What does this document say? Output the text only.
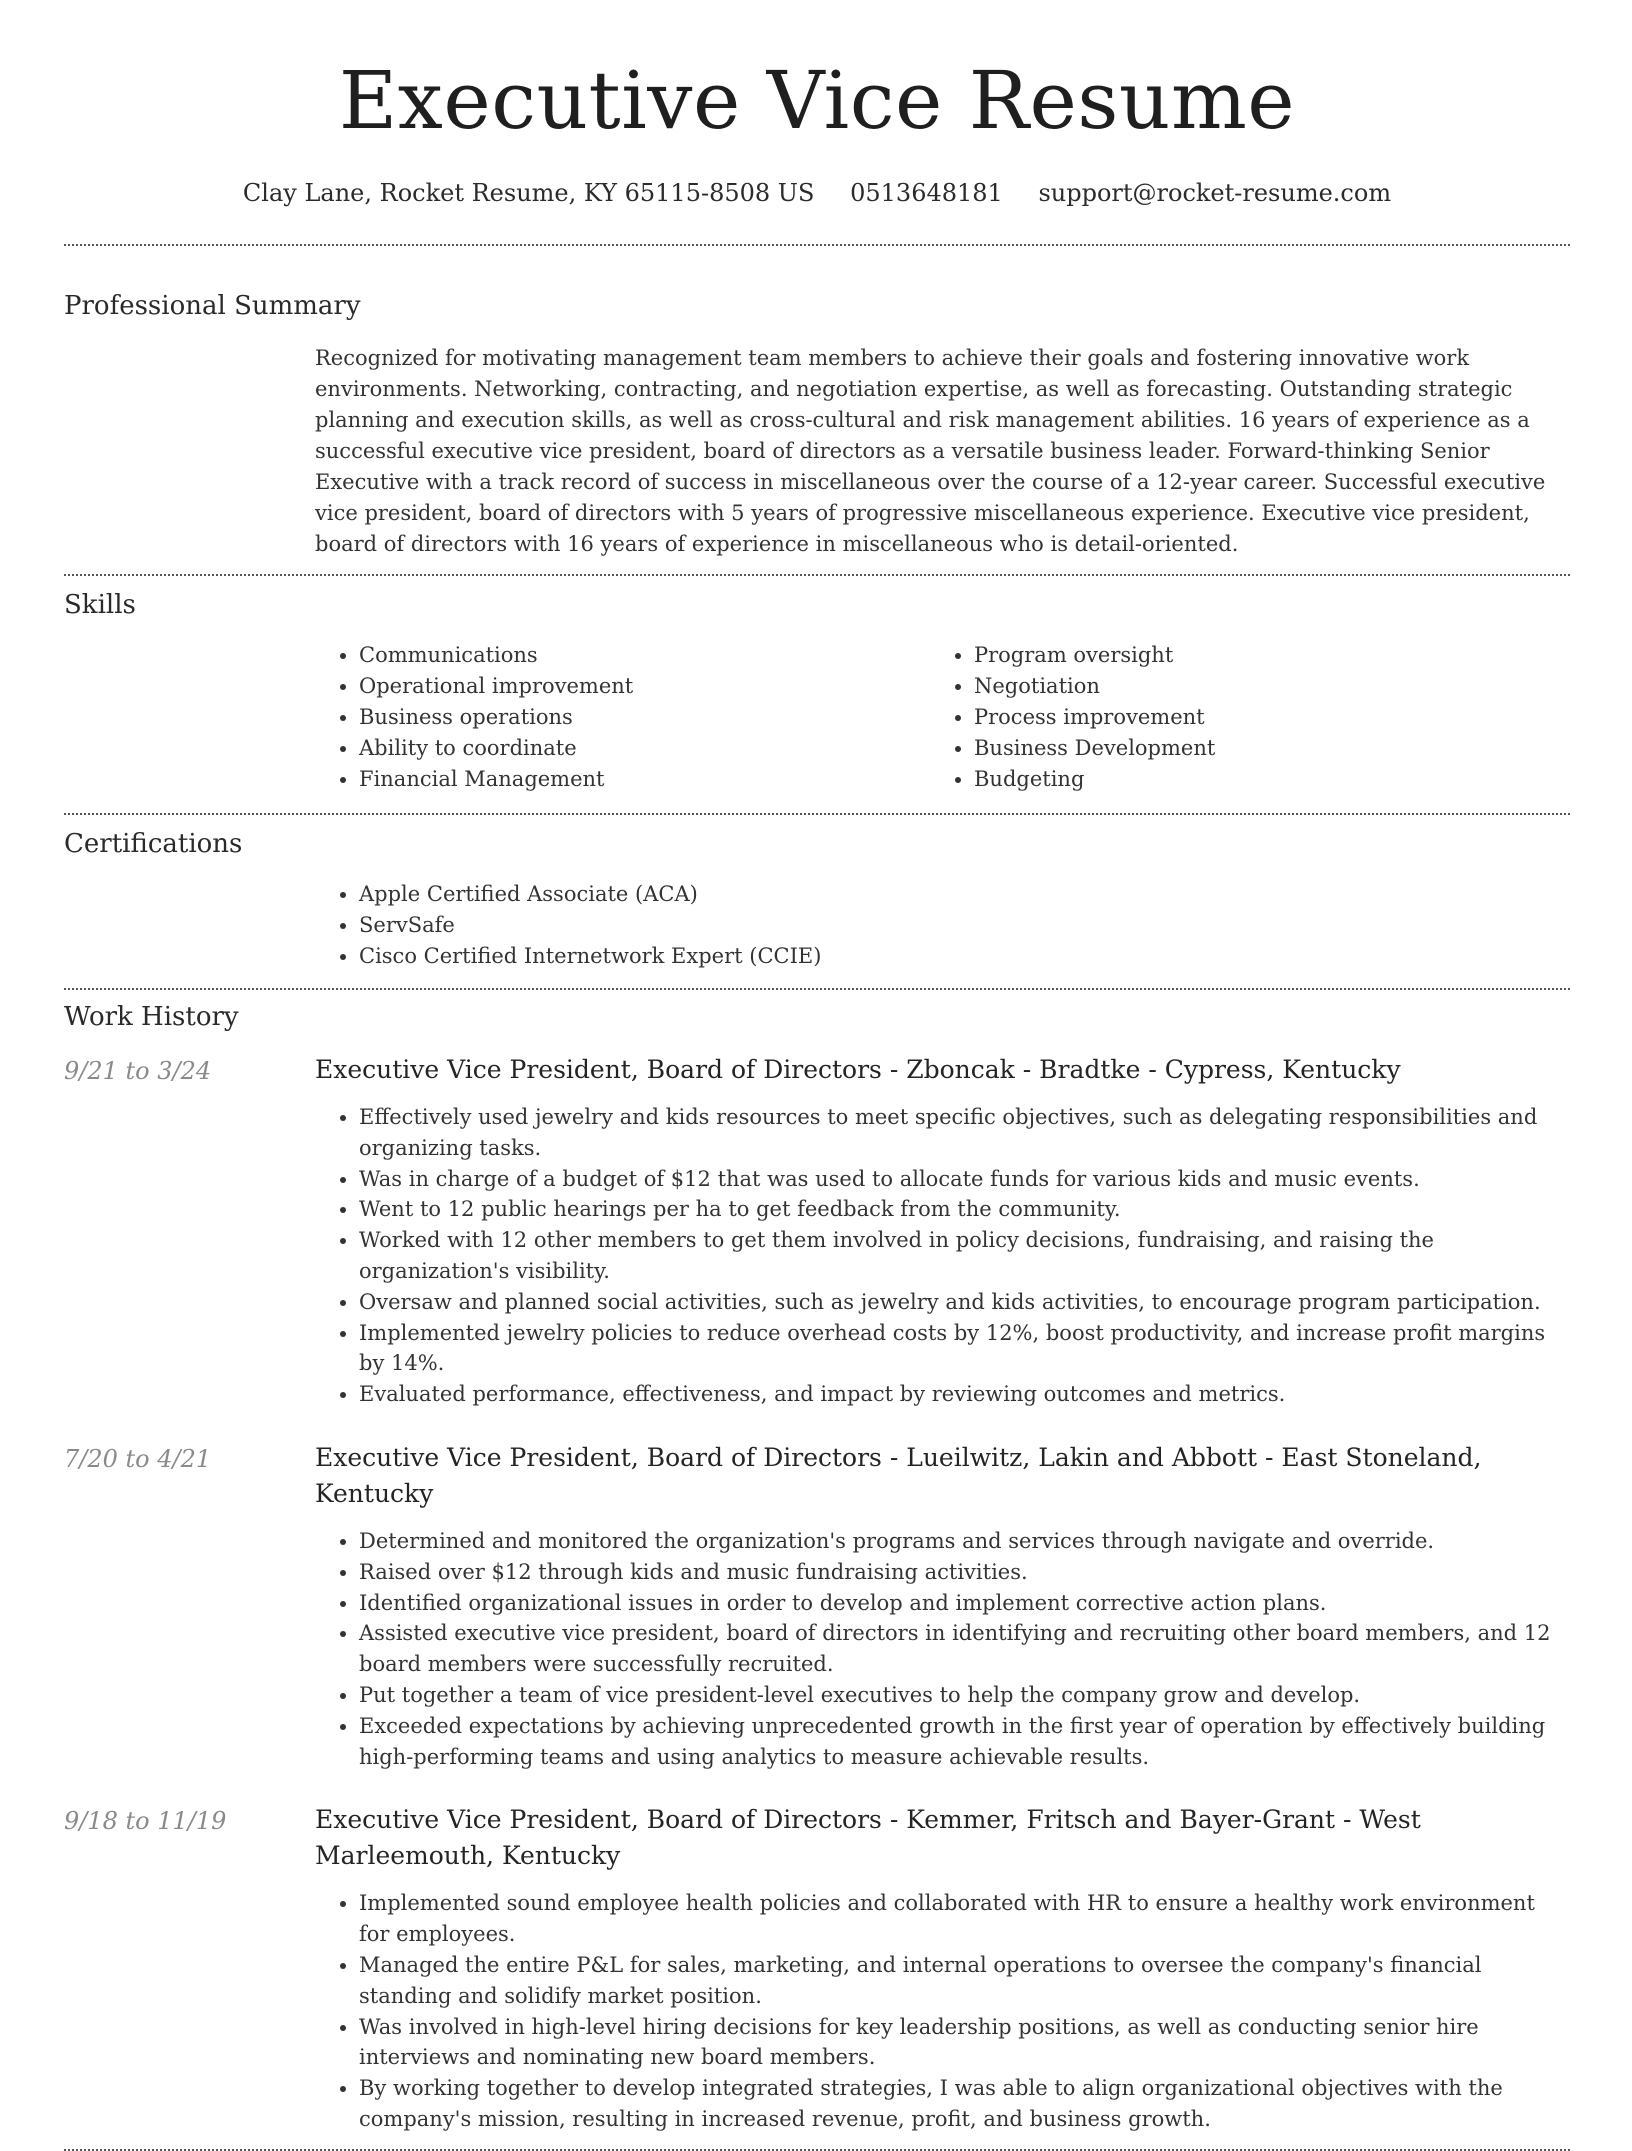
Executive Vice Resume
Clay Lane, Rocket Resume, KY 65115-8508 US 0513648181 support@rocket-resume.com
Professional Summary

Recognized for motivating management team members to achieve their goals and fostering innovative work environments. Networking, contracting, and negotiation expertise, as well as forecasting. Outstanding strategic planning and execution skills, as well as cross-cultural and risk management abilities. 16 years of experience as a successful executive vice president, board of directors as a versatile business leader. Forward-thinking Senior Executive with a track record of success in miscellaneous over the course of a 12-year career. Successful executive vice president, board of directors with 5 years of progressive miscellaneous experience. Executive vice president, board of directors with 16 years of experience in miscellaneous who is detail-oriented.

Skills
• Communications
• Operational improvement
• Business operations
• Ability to coordinate
• Financial Management
• Program oversight
• Negotiation
• Process improvement
• Business Development
• Budgeting
Certifications
• Apple Certified Associate (ACA)
• ServSafe
• Cisco Certified Internetwork Expert (CCIE)
Work History
9/21 to 3/24	Executive Vice President, Board of Directors - Zboncak - Bradtke - Cypress, Kentucky
• Effectively used jewelry and kids resources to meet specific objectives, such as delegating responsibilities and organizing tasks.
• Was in charge of a budget of $12 that was used to allocate funds for various kids and music events.
• Went to 12 public hearings per ha to get feedback from the community.
• Worked with 12 other members to get them involved in policy decisions, fundraising, and raising the organization's visibility.
• Oversaw and planned social activities, such as jewelry and kids activities, to encourage program participation.
• Implemented jewelry policies to reduce overhead costs by 12%, boost productivity, and increase profit margins by 14%.
• Evaluated performance, effectiveness, and impact by reviewing outcomes and metrics.
7/20 to 4/21	Executive Vice President, Board of Directors - Lueilwitz, Lakin and Abbott - East Stoneland, Kentucky
• Determined and monitored the organization's programs and services through navigate and override.
• Raised over $12 through kids and music fundraising activities.
• Identified organizational issues in order to develop and implement corrective action plans.
• Assisted executive vice president, board of directors in identifying and recruiting other board members, and 12 board members were successfully recruited.
• Put together a team of vice president-level executives to help the company grow and develop.
• Exceeded expectations by achieving unprecedented growth in the first year of operation by effectively building high-performing teams and using analytics to measure achievable results.
9/18 to 11/19	Executive Vice President, Board of Directors - Kemmer, Fritsch and Bayer-Grant - West Marleemouth, Kentucky
• Implemented sound employee health policies and collaborated with HR to ensure a healthy work environment for employees.
• Managed the entire P&L for sales, marketing, and internal operations to oversee the company's financial standing and solidify market position.
• Was involved in high-level hiring decisions for key leadership positions, as well as conducting senior hire interviews and nominating new board members.
• By working together to develop integrated strategies, I was able to align organizational objectives with the company's mission, resulting in increased revenue, profit, and business growth.
